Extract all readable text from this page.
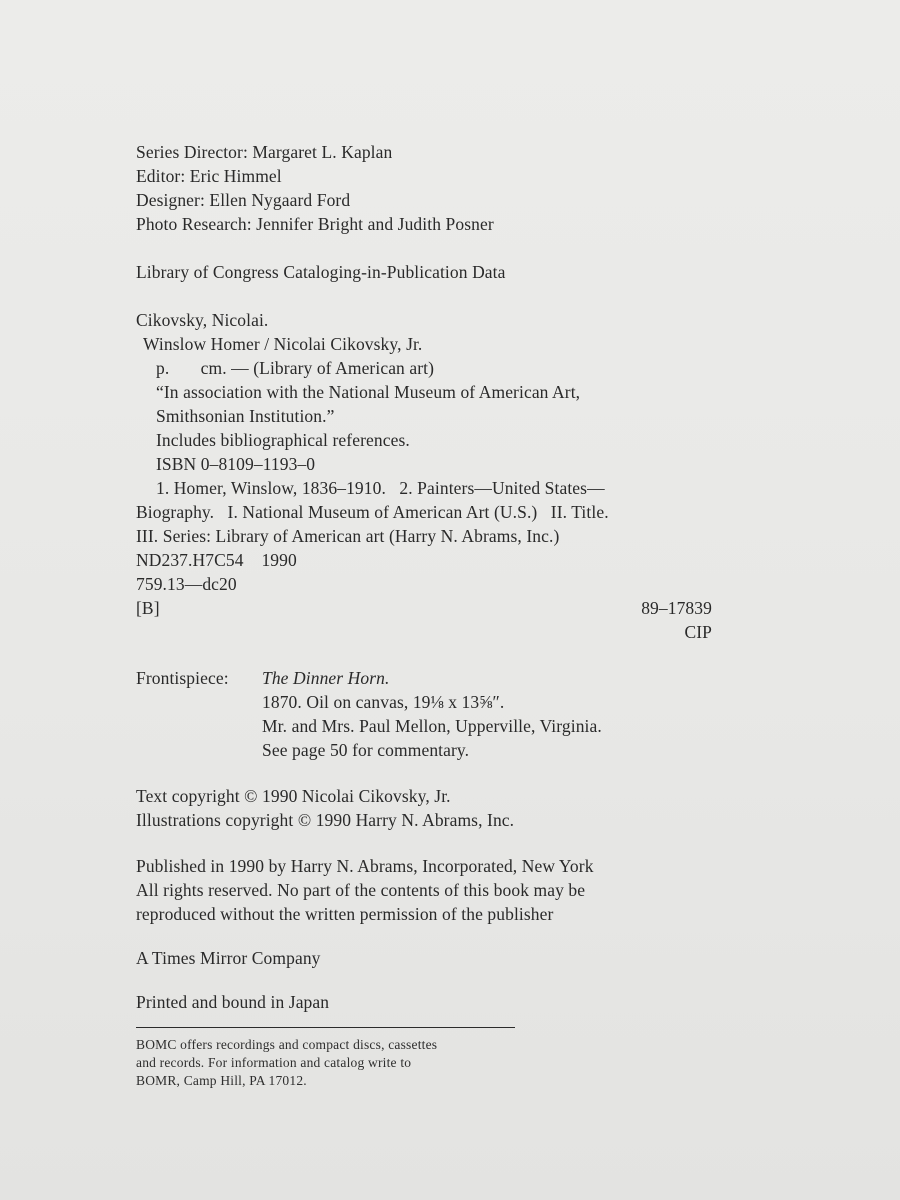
Series Director: Margaret L. Kaplan
Editor: Eric Himmel
Designer: Ellen Nygaard Ford
Photo Research: Jennifer Bright and Judith Posner
Library of Congress Cataloging-in-Publication Data
Cikovsky, Nicolai.
Winslow Homer / Nicolai Cikovsky, Jr.
p.       cm. — (Library of American art)
“In association with the National Museum of American Art,
Smithsonian Institution.”
Includes bibliographical references.
ISBN 0–8109–1193–0
1. Homer, Winslow, 1836–1910.   2. Painters—United States—
Biography.   I. National Museum of American Art (U.S.)   II. Title.
III. Series: Library of American art (Harry N. Abrams, Inc.)
ND237.H7C54    1990
759.13—dc20
[B]	89–17839
CIP
Frontispiece:	The Dinner Horn.
1870. Oil on canvas, 19⅛ x 13⅝″.
Mr. and Mrs. Paul Mellon, Upperville, Virginia.
See page 50 for commentary.
Text copyright © 1990 Nicolai Cikovsky, Jr.
Illustrations copyright © 1990 Harry N. Abrams, Inc.
Published in 1990 by Harry N. Abrams, Incorporated, New York
All rights reserved. No part of the contents of this book may be
reproduced without the written permission of the publisher
A Times Mirror Company
Printed and bound in Japan
BOMC offers recordings and compact discs, cassettes
and records. For information and catalog write to
BOMR, Camp Hill, PA 17012.
